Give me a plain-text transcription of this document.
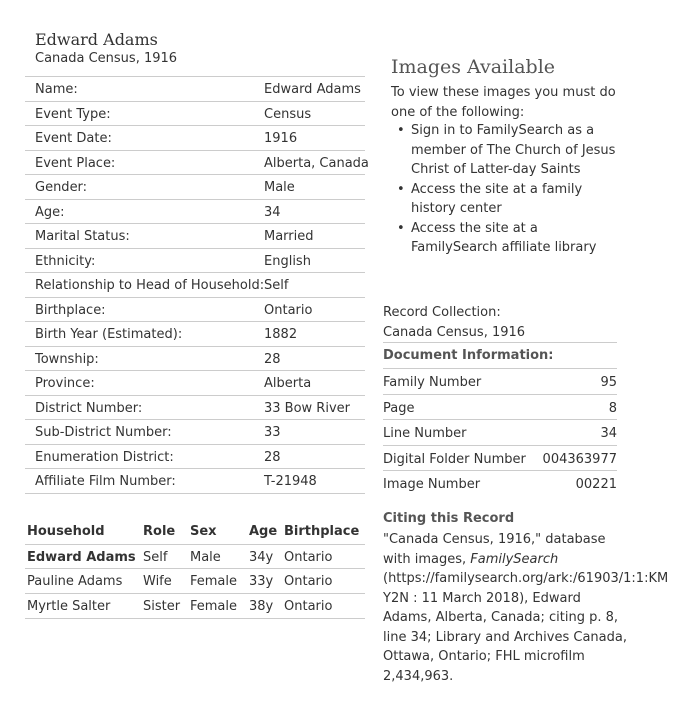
Edward Adams
Canada Census, 1916
Name:	Edward Adams
Event Type:	Census
Event Date:	1916
Event Place:	Alberta, Canada
Gender:	Male
Age:	34
Marital Status:	Married
Ethnicity:	English
Relationship to Head of Household: Self
Birthplace:	Ontario
Birth Year (Estimated):	1882
Township:	28
Province:	Alberta
District Number:	33 Bow River
Sub-District Number:	33
Enumeration District:	28
Affiliate Film Number:	T-21948
Household	Role Sex Age Birthplace
Edward Adams Self Male 34y Ontario
Pauline Adams Wife Female 33y Ontario
Myrtle Salter	Sister Female 38y Ontario
Images Available
To view these images you must do one of the following:
• Sign in to FamilySearch as a member of The Church of Jesus Christ of Latter-day Saints
• Access the site at a family history center
• Access the site at a FamilySearch affiliate library
Record Collection:
Canada Census, 1916
Document Information:
Family Number	95
Page	8
Line Number	34
Digital Folder Number 004363977
Image Number	00221
Citing this Record
"Canada Census, 1916," database
with images, FamilySearch
(https://familysearch.org/ark:/61903/1:1:KM
Y2N : 11 March 2018), Edward
Adams, Alberta, Canada; citing p. 8,
line 34; Library and Archives Canada,
Ottawa, Ontario; FHL microfilm
2,434,963.
